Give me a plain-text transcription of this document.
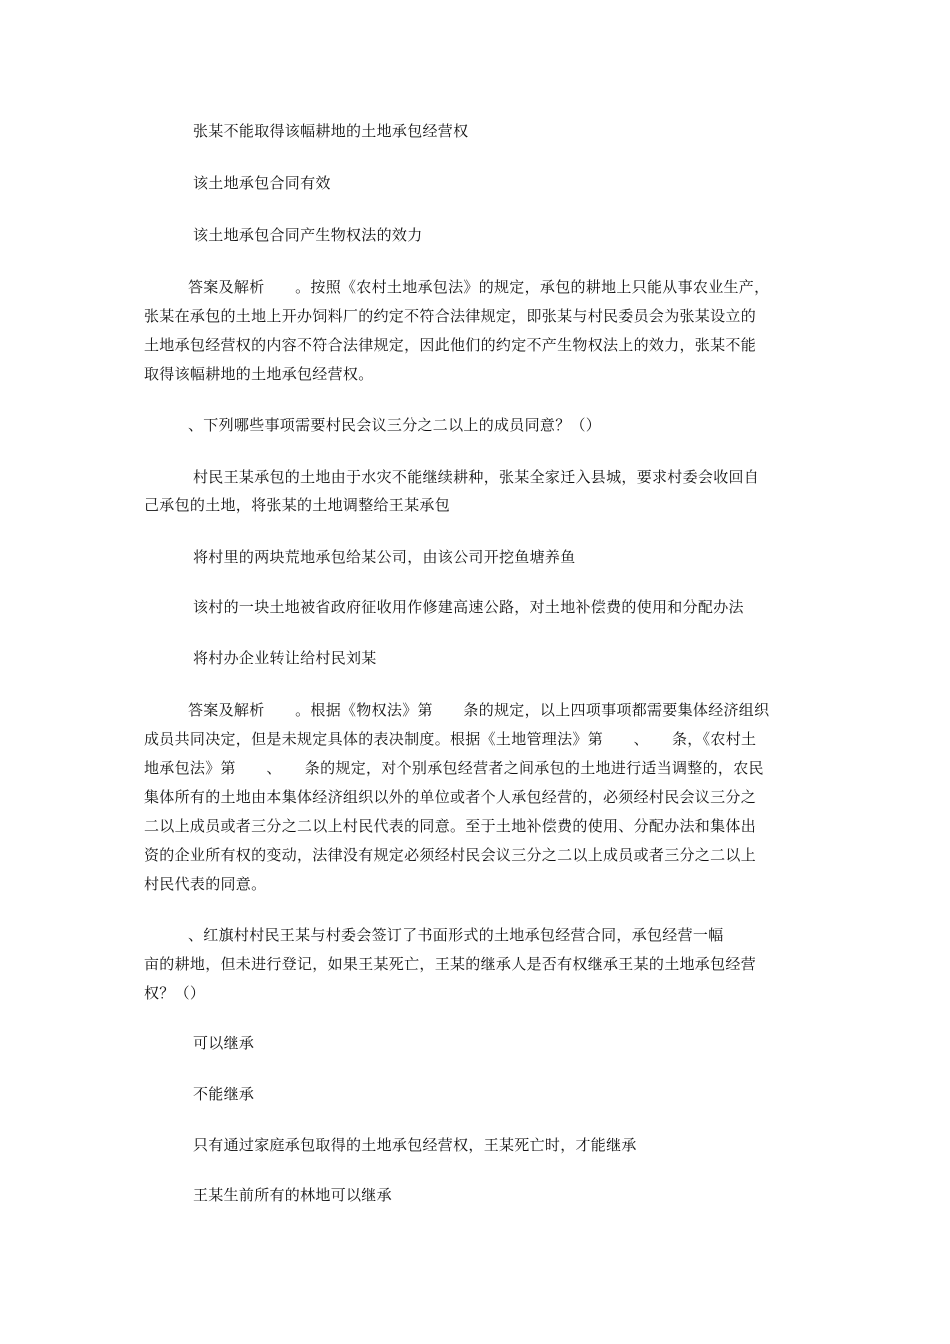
张某不能取得该幅耕地的土地承包经营权
该土地承包合同有效
该土地承包合同产生物权法的效力
答案及解析　　。按照《农村土地承包法》的规定，承包的耕地上只能从事农业生产，
张某在承包的土地上开办饲料厂的约定不符合法律规定，即张某与村民委员会为张某设立的
土地承包经营权的内容不符合法律规定，因此他们的约定不产生物权法上的效力，张某不能
取得该幅耕地的土地承包经营权。
、下列哪些事项需要村民会议三分之二以上的成员同意？（）
村民王某承包的土地由于水灾不能继续耕种，张某全家迁入县城，要求村委会收回自
己承包的土地，将张某的土地调整给王某承包
将村里的两块荒地承包给某公司，由该公司开挖鱼塘养鱼
该村的一块土地被省政府征收用作修建高速公路，对土地补偿费的使用和分配办法
将村办企业转让给村民刘某
答案及解析　　。根据《物权法》第　　条的规定，以上四项事项都需要集体经济组织
成员共同决定，但是未规定具体的表决制度。根据《土地管理法》第　　、　　条，《农村土
地承包法》第　　、　　条的规定，对个别承包经营者之间承包的土地进行适当调整的，农民
集体所有的土地由本集体经济组织以外的单位或者个人承包经营的，必须经村民会议三分之
二以上成员或者三分之二以上村民代表的同意。至于土地补偿费的使用、分配办法和集体出
资的企业所有权的变动，法律没有规定必须经村民会议三分之二以上成员或者三分之二以上
村民代表的同意。
、红旗村村民王某与村委会签订了书面形式的土地承包经营合同，承包经营一幅
亩的耕地，但未进行登记，如果王某死亡，王某的继承人是否有权继承王某的土地承包经营
权？（）
可以继承
不能继承
只有通过家庭承包取得的土地承包经营权，王某死亡时，才能继承
王某生前所有的林地可以继承
